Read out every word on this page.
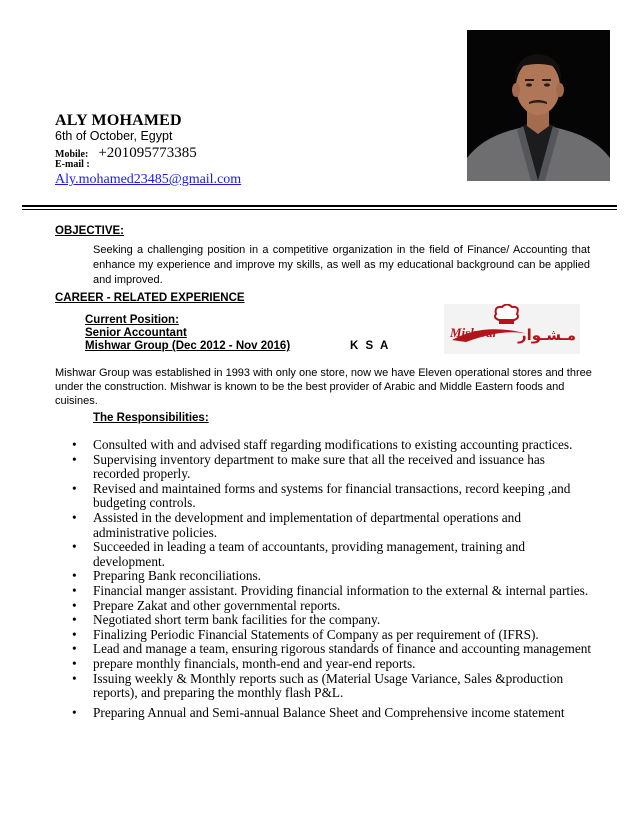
ALY MOHAMED
6th of October, Egypt
Mobile: +201095773385
E-mail :
Aly.mohamed23485@gmail.com
OBJECTIVE:
Seeking a challenging position in a competitive organization in the field of Finance/ Accounting that enhance my experience and improve my skills, as well as my educational background can be applied and improved.
CAREER - RELATED EXPERIENCE
Current Position:
Senior Accountant
Mishwar Group (Dec 2012 - Nov 2016)	K S A
Mishwar مـشـوار
Mishwar Group was established in 1993 with only one store, now we have Eleven operational stores and three under the construction. Mishwar is known to be the best provider of Arabic and Middle Eastern foods and cuisines.
The Responsibilities:
• Consulted with and advised staff regarding modifications to existing accounting practices.
• Supervising inventory department to make sure that all the received and issuance has recorded properly.
• Revised and maintained forms and systems for financial transactions, record keeping ,and budgeting controls.
• Assisted in the development and implementation of departmental operations and administrative policies.
• Succeeded in leading a team of accountants, providing management, training and development.
• Preparing Bank reconciliations.
• Financial manger assistant. Providing financial information to the external & internal parties.
• Prepare Zakat and other governmental reports.
• Negotiated short term bank facilities for the company.
• Finalizing Periodic Financial Statements of Company as per requirement of (IFRS).
• Lead and manage a team, ensuring rigorous standards of finance and accounting management
• prepare monthly financials, month-end and year-end reports.
• Issuing weekly & Monthly reports such as (Material Usage Variance, Sales &production reports), and preparing the monthly flash P&L.
• Preparing Annual and Semi-annual Balance Sheet and Comprehensive income statement
